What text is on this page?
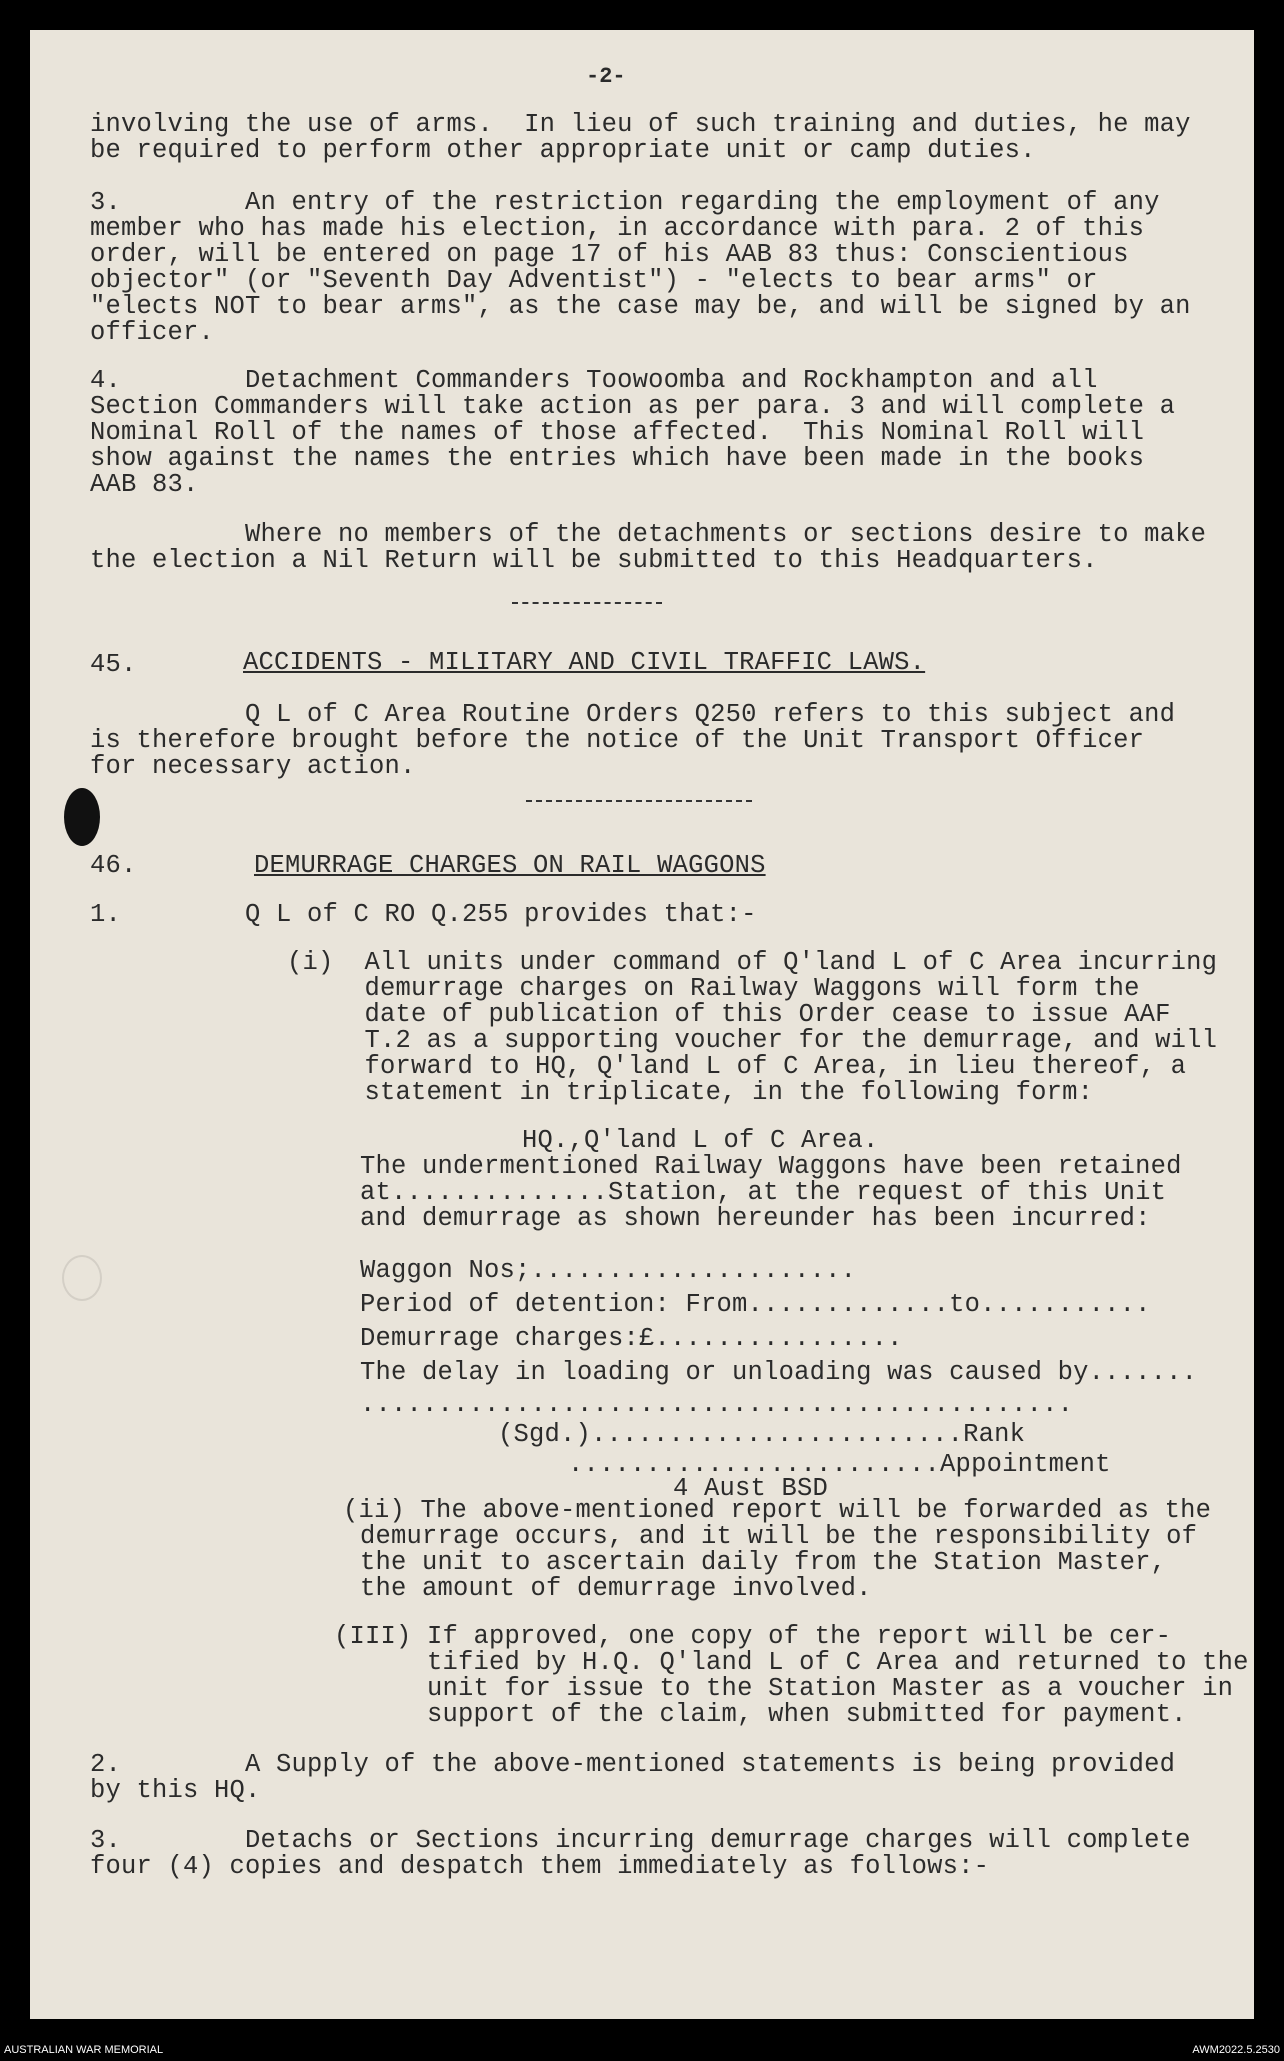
-2-
involving the use of arms.  In lieu of such training and duties, he may
be required to perform other appropriate unit or camp duties.
3.        An entry of the restriction regarding the employment of any
member who has made his election, in accordance with para. 2 of this
order, will be entered on page 17 of his AAB 83 thus: Conscientious
objector" (or "Seventh Day Adventist") - "elects to bear arms" or
"elects NOT to bear arms", as the case may be, and will be signed by an
officer.
4.        Detachment Commanders Toowoomba and Rockhampton and all
Section Commanders will take action as per para. 3 and will complete a
Nominal Roll of the names of those affected.  This Nominal Roll will
show against the names the entries which have been made in the books
AAB 83.
Where no members of the detachments or sections desire to make
the election a Nil Return will be submitted to this Headquarters.
45.	ACCIDENTS - MILITARY AND CIVIL TRAFFIC LAWS.
Q L of C Area Routine Orders Q250 refers to this subject and
is therefore brought before the notice of the Unit Transport Officer
for necessary action.
46.	DEMURRAGE CHARGES ON RAIL WAGGONS
1.        Q L of C RO Q.255 provides that:-
(i)  All units under command of Q'land L of C Area incurring
demurrage charges on Railway Waggons will form the
date of publication of this Order cease to issue AAF
T.2 as a supporting voucher for the demurrage, and will
forward to HQ, Q'land L of C Area, in lieu thereof, a
statement in triplicate, in the following form:
HQ.,Q'land L of C Area.
The undermentioned Railway Waggons have been retained
at..............Station, at the request of this Unit
and demurrage as shown hereunder has been incurred:
Waggon Nos;.....................
Period of detention: From.............to...........
Demurrage charges:£................
The delay in loading or unloading was caused by.......
..............................................
(Sgd.)........................Rank
........................Appointment
4 Aust BSD
(ii) The above-mentioned report will be forwarded as the
demurrage occurs, and it will be the responsibility of
the unit to ascertain daily from the Station Master,
the amount of demurrage involved.
(III) If approved, one copy of the report will be cer-
tified by H.Q. Q'land L of C Area and returned to the
unit for issue to the Station Master as a voucher in
support of the claim, when submitted for payment.
2.        A Supply of the above-mentioned statements is being provided
by this HQ.
3.        Detachs or Sections incurring demurrage charges will complete
four (4) copies and despatch them immediately as follows:-
AUSTRALIAN WAR MEMORIAL	AWM2022.5.2530
